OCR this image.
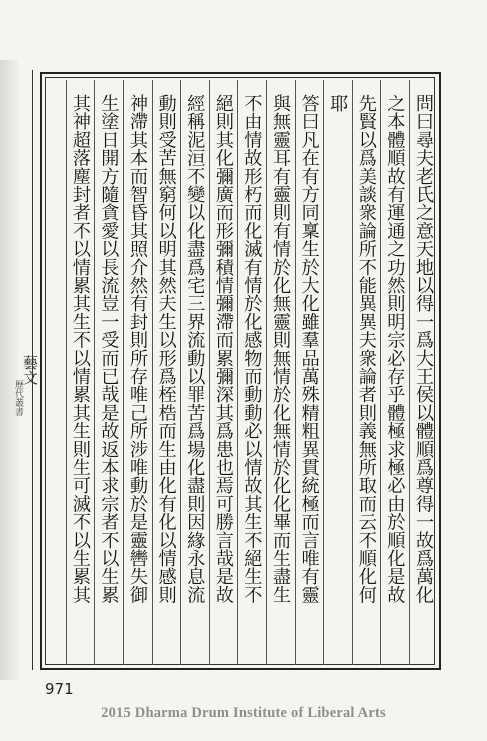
藝文
歷代叢書	問曰尋夫老氏之意天地以得一爲大王侯以體順爲尊得一故爲萬化
之本體順故有運通之功然則明宗必存乎體極求極必由於順化是故
先賢以爲美談衆論所不能異異夫衆論者則義無所取而云不順化何
耶
答曰凡在有方同稟生於大化雖羣品萬殊精粗異貫統極而言唯有靈
與無靈耳有靈則有情於化無靈則無情於化無情於化化畢而生盡生
不由情故形朽而化滅有情於化感物而動動必以情故其生不絕生不
絕則其化彌廣而形彌積情彌滯而累彌深其爲患也焉可勝言哉是故
經稱泥洹不變以化盡爲宅三界流動以罪苦爲場化盡則因緣永息流
動則受苦無窮何以明其然夫生以形爲桎梏而生由化有化以情感則
神滯其本而智昏其照介然有封則所存唯己所涉唯動於是靈轡失御
生塗日開方隨貪愛以長流豈一受而已哉是故返本求宗者不以生累
其神超落塵封者不以情累其生不以情累其生則生可滅不以生累其
971
2015 Dharma Drum Institute of Liberal Arts
